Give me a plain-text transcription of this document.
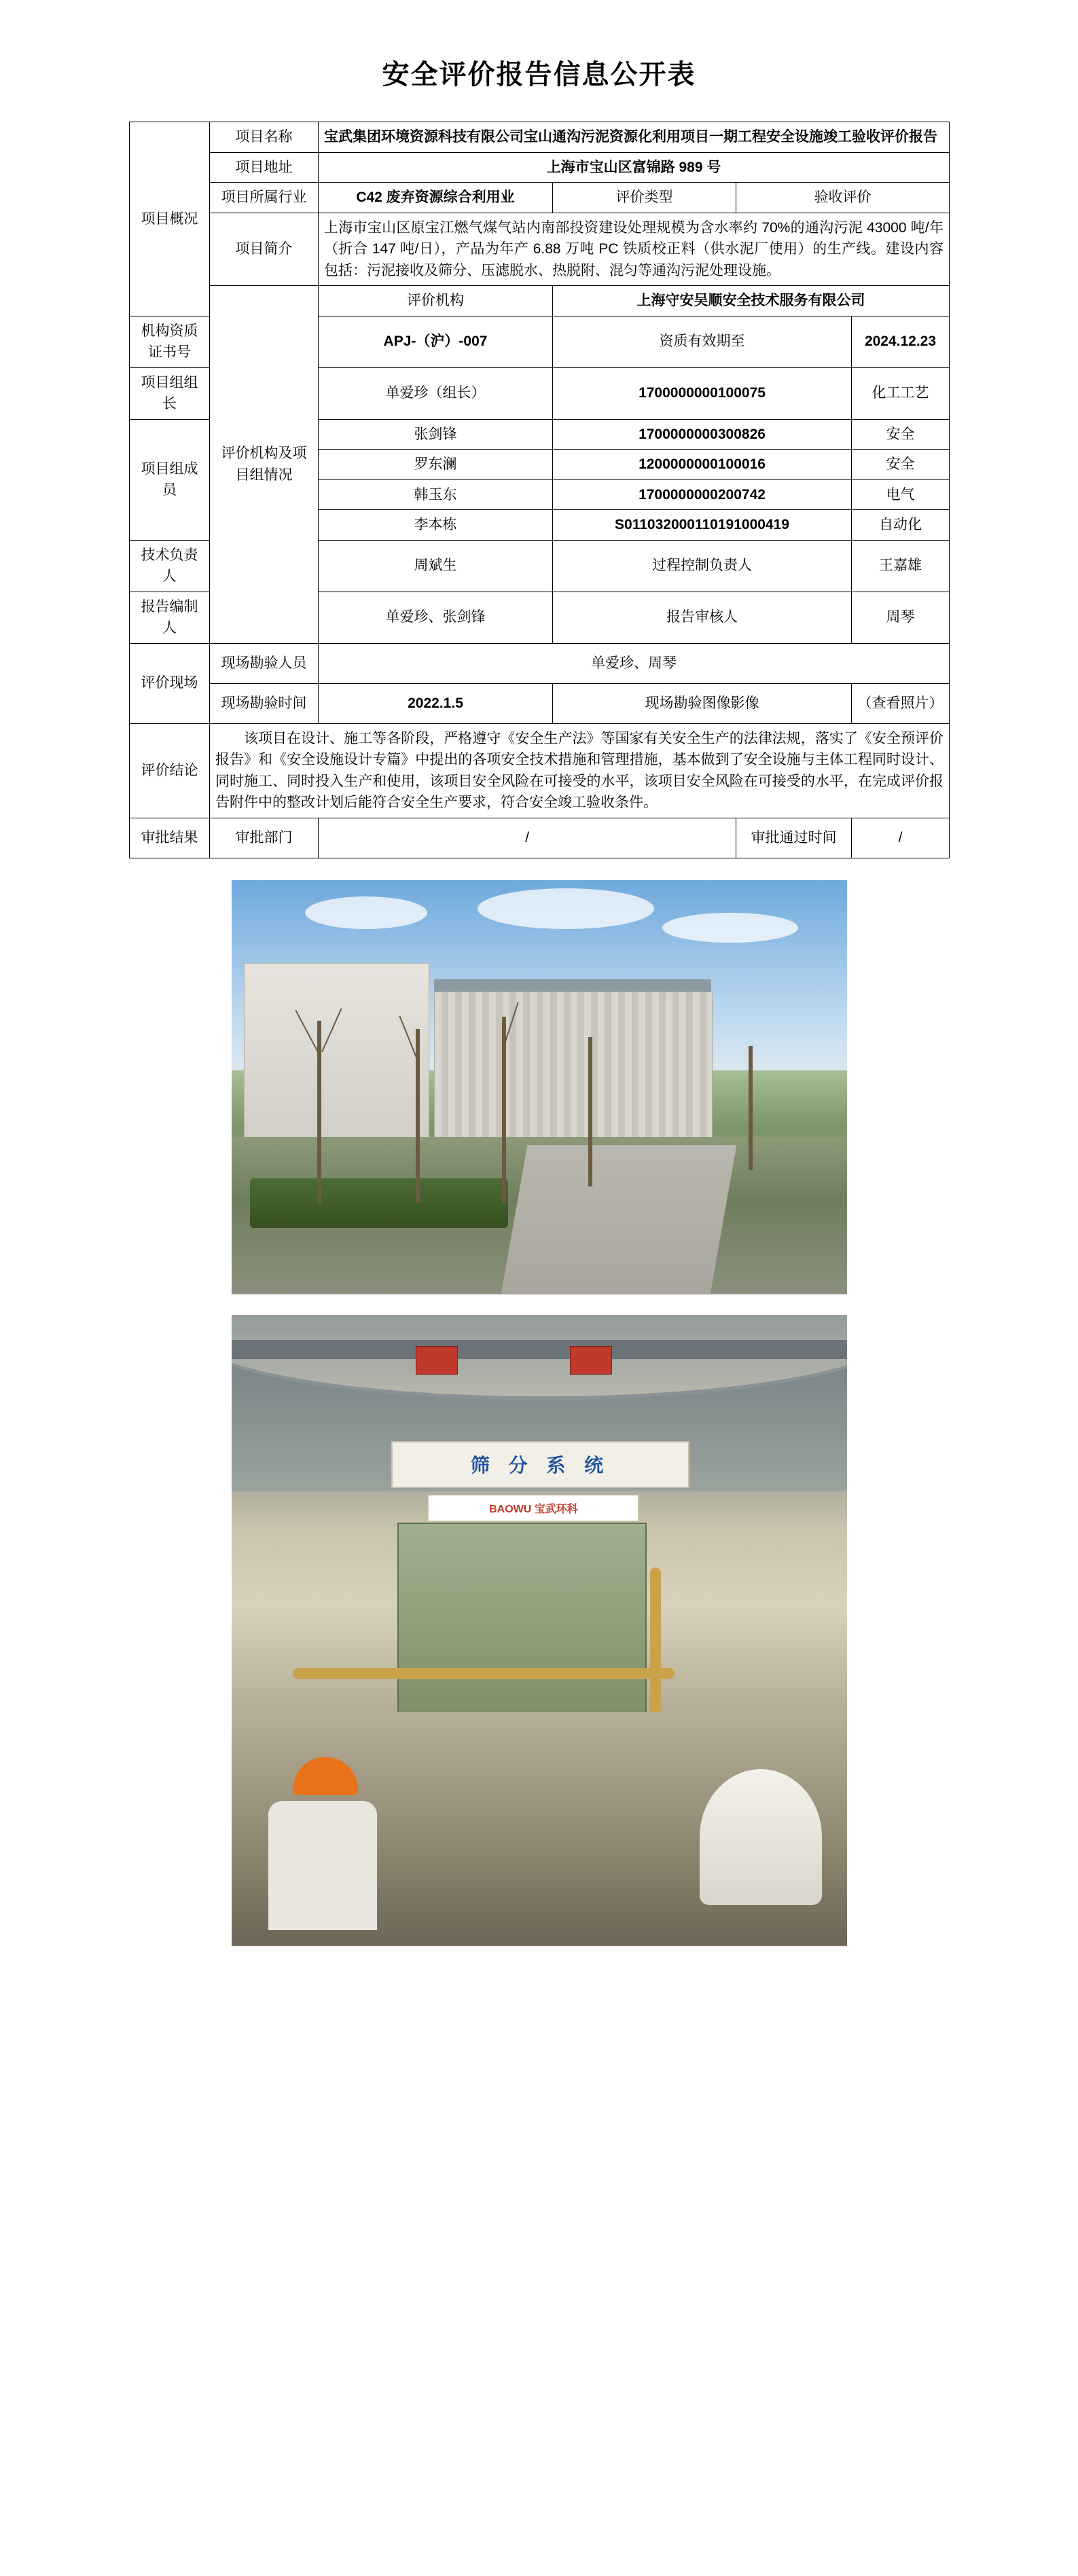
安全评价报告信息公开表
项目概况	项目名称	宝武集团环境资源科技有限公司宝山通沟污泥资源化利用项目一期工程安全设施竣工验收评价报告			
	项目地址	上海市宝山区富锦路 989 号			
	项目所属行业	C42 废弃资源综合利用业	评价类型	验收评价	
	项目简介	上海市宝山区原宝江燃气煤气站内南部投资建设处理规模为含水率约 70%的通沟污泥 43000 吨/年（折合 147 吨/日），产品为年产 6.88 万吨 PC 铁质校正料（供水泥厂使用）的生产线。建设内容包括：污泥接收及筛分、压滤脱水、热脱附、混匀等通沟污泥处理设施。			
	评价机构及项目组情况	评价机构	上海守安吴顺安全技术服务有限公司		
机构资质证书号		APJ-（沪）-007	资质有效期至		2024.12.23
项目组组长		单爱珍（组长）	1700000000100075		化工工艺
项目组成员		张剑锋	1700000000300826		安全
		罗东澜	1200000000100016		安全
		韩玉东	1700000000200742		电气
		李本栋	S011032000110191000419		自动化
技术负责人		周斌生	过程控制负责人		王嘉雄
报告编制人		单爱珍、张剑锋	报告审核人		周琴
评价现场	现场勘验人员	单爱珍、周琴			
	现场勘验时间	2022.1.5	现场勘验图像影像		（查看照片）
评价结论	该项目在设计、施工等各阶段，严格遵守《安全生产法》等国家有关安全生产的法律法规，落实了《安全预评价报告》和《安全设施设计专篇》中提出的各项安全技术措施和管理措施，基本做到了安全设施与主体工程同时设计、同时施工、同时投入生产和使用，该项目安全风险在可接受的水平，该项目安全风险在可接受的水平，在完成评价报告附件中的整改计划后能符合安全生产要求，符合安全竣工验收条件。				
审批结果	审批部门	/		审批通过时间	/
筛 分 系 统
BAOWU 宝武环科
